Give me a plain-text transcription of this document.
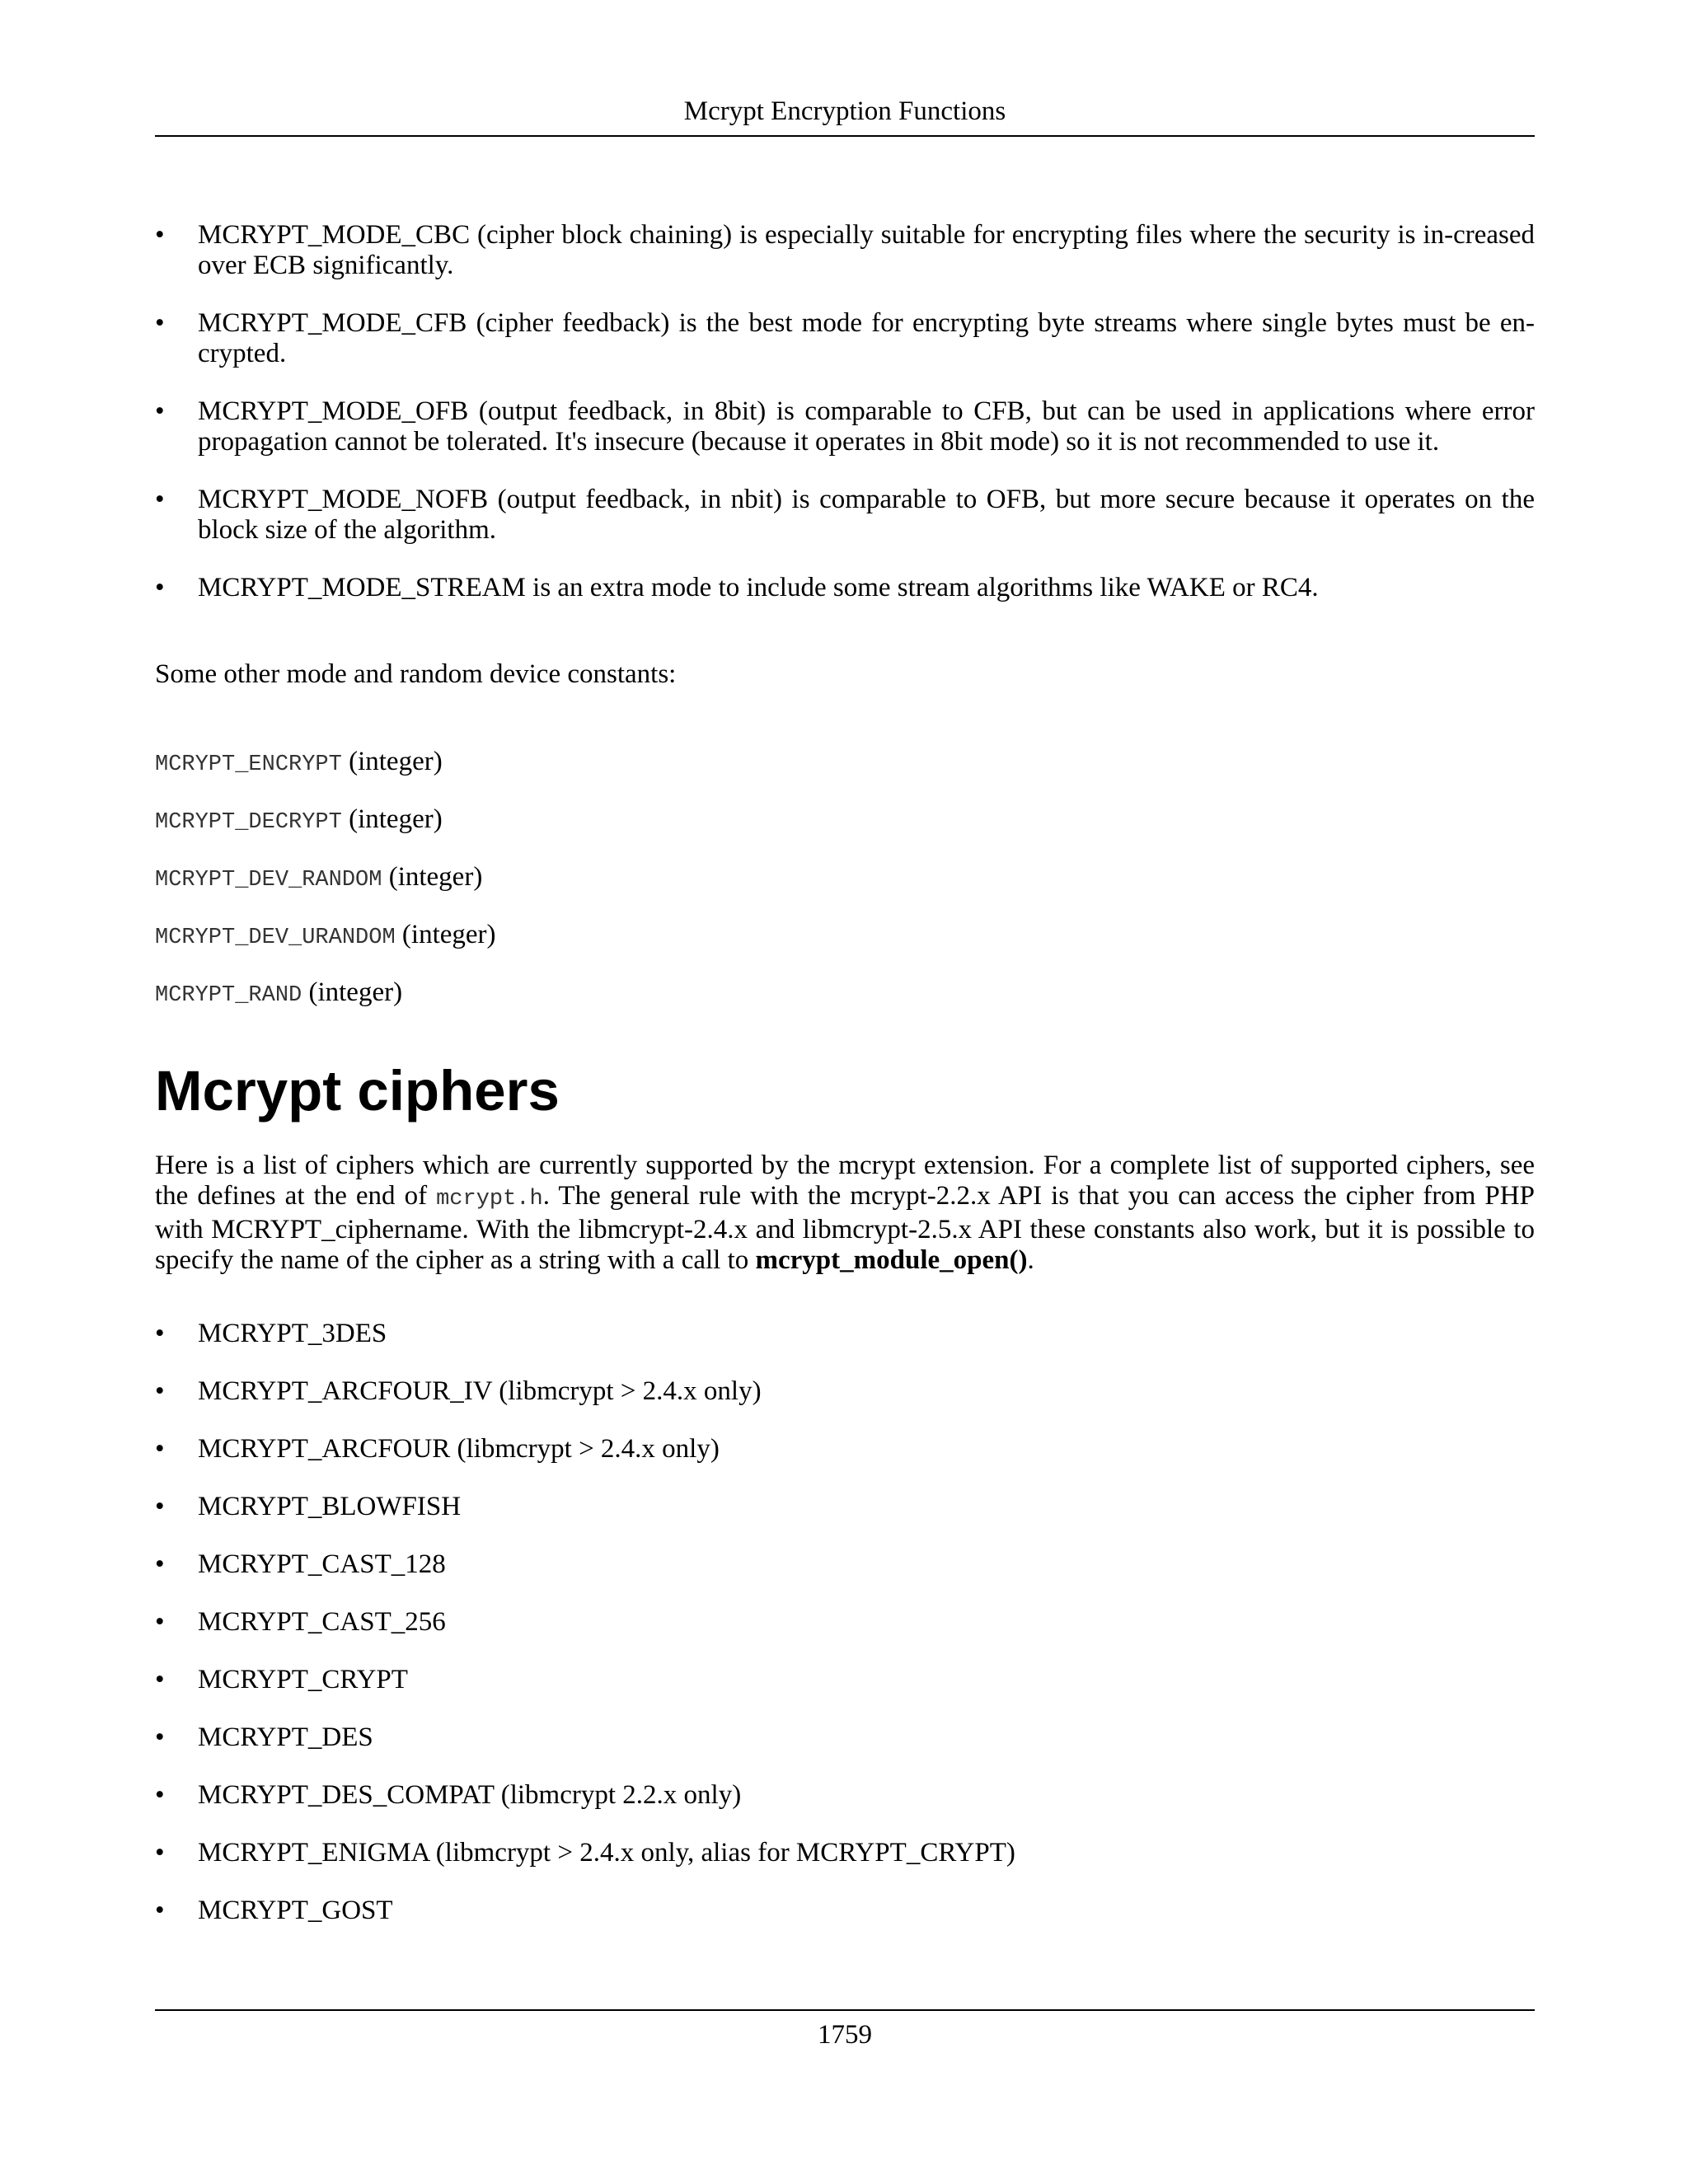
Mcrypt Encryption Functions
•	MCRYPT_MODE_CBC (cipher block chaining) is especially suitable for encrypting files where the security is in-creased over ECB significantly.
•	MCRYPT_MODE_CFB (cipher feedback) is the best mode for encrypting byte streams where single bytes must be en-crypted.
•	MCRYPT_MODE_OFB (output feedback, in 8bit) is comparable to CFB, but can be used in applications where error propagation cannot be tolerated. It's insecure (because it operates in 8bit mode) so it is not recommended to use it.
•	MCRYPT_MODE_NOFB (output feedback, in nbit) is comparable to OFB, but more secure because it operates on the block size of the algorithm.
•	MCRYPT_MODE_STREAM is an extra mode to include some stream algorithms like WAKE or RC4.

Some other mode and random device constants:

MCRYPT_ENCRYPT (integer)
MCRYPT_DECRYPT (integer)
MCRYPT_DEV_RANDOM (integer)
MCRYPT_DEV_URANDOM (integer)
MCRYPT_RAND (integer)
Mcrypt ciphers

Here is a list of ciphers which are currently supported by the mcrypt extension. For a complete list of supported ciphers, see the defines at the end of mcrypt.h. The general rule with the mcrypt-2.2.x API is that you can access the cipher from PHP with MCRYPT_ciphername. With the libmcrypt-2.4.x and libmcrypt-2.5.x API these constants also work, but it is possible to specify the name of the cipher as a string with a call to mcrypt_module_open().

•	MCRYPT_3DES
•	MCRYPT_ARCFOUR_IV (libmcrypt > 2.4.x only)
•	MCRYPT_ARCFOUR (libmcrypt > 2.4.x only)
•	MCRYPT_BLOWFISH
•	MCRYPT_CAST_128
•	MCRYPT_CAST_256
•	MCRYPT_CRYPT
•	MCRYPT_DES
•	MCRYPT_DES_COMPAT (libmcrypt 2.2.x only)
•	MCRYPT_ENIGMA (libmcrypt > 2.4.x only, alias for MCRYPT_CRYPT)
•	MCRYPT_GOST
1759
